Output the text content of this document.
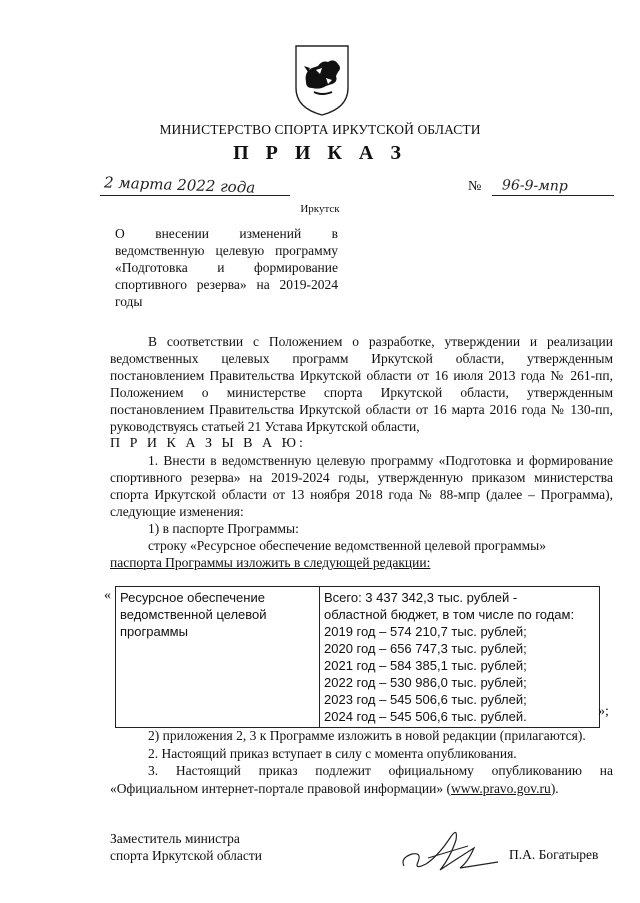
МИНИСТЕРСТВО СПОРТА ИРКУТСКОЙ ОБЛАСТИ
П Р И К А З
2 марта 2022 года	№ 96-9-мпр
Иркутск
О внесении изменений в ведомственную целевую программу «Подготовка и формирование спортивного резерва» на 2019-2024 годы

В соответствии с Положением о разработке, утверждении и реализации ведомственных целевых программ Иркутской области, утвержденным постановлением Правительства Иркутской области от 16 июля 2013 года № 261-пп, Положением о министерстве спорта Иркутской области, утвержденным постановлением Правительства Иркутской области от 16 марта 2016 года № 130-пп, руководствуясь статьей 21 Устава Иркутской области,

П Р И К А З Ы В А Ю:

1. Внести в ведомственную целевую программу «Подготовка и формирование спортивного резерва» на 2019-2024 годы, утвержденную приказом министерства спорта Иркутской области от 13 ноября 2018 года № 88-мпр (далее – Программа), следующие изменения:

1) в паспорте Программы:

строку «Ресурсное обеспечение ведомственной целевой программы»

паспорта Программы изложить в следующей редакции:

« Ресурсное обеспечение ведомственной целевой программы	
Всего: 3 437 342,3 тыс. рублей -
областной бюджет, в том числе по годам:
2019 год – 574 210,7 тыс. рублей;
2020 год – 656 747,3 тыс. рублей;
2021 год – 584 385,1 тыс. рублей;
2022 год – 530 986,0 тыс. рублей;
2023 год – 545 506,6 тыс. рублей;
2024 год – 545 506,6 тыс. рублей.	»;

2) приложения 2, 3 к Программе изложить в новой редакции (прилагаются).

2. Настоящий приказ вступает в силу с момента опубликования.

3. Настоящий приказ подлежит официальному опубликованию на «Официальном интернет-портале правовой информации» (www.pravo.gov.ru).

Заместитель министра
спорта Иркутской области	П.А. Богатырев
